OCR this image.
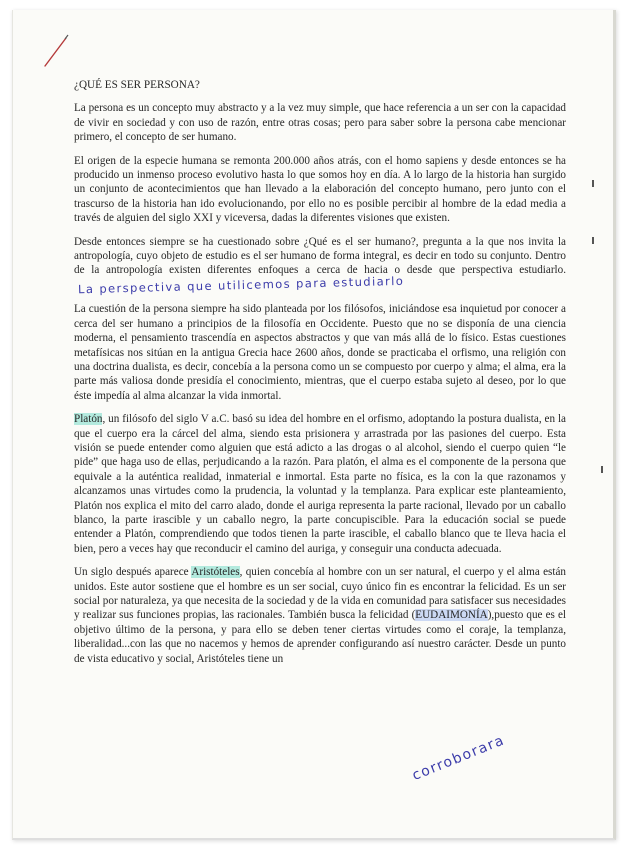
¿QUÉ ES SER PERSONA?

La persona es un concepto muy abstracto y a la vez muy simple, que hace referencia a un ser con la capacidad de vivir en sociedad y con uso de razón, entre otras cosas; pero para saber sobre la persona cabe mencionar primero, el concepto de ser humano.

El origen de la especie humana se remonta 200.000 años atrás, con el homo sapiens y desde entonces se ha producido un inmenso proceso evolutivo hasta lo que somos hoy en día. A lo largo de la historia han surgido un conjunto de acontecimientos que han llevado a la elaboración del concepto humano, pero junto con el trascurso de la historia han ido evolucionando, por ello no es posible percibir al hombre de la edad media a través de alguien del siglo XXI y viceversa, dadas la diferentes visiones que existen.

Desde entonces siempre se ha cuestionado sobre ¿Qué es el ser humano?, pregunta a la que nos invita la antropología, cuyo objeto de estudio es el ser humano de forma integral, es decir en todo su conjunto. Dentro de la antropología existen diferentes enfoques a cerca de hacia o desde que perspectiva estudiarlo.La perspectiva que utilicemos para estudiarlo

La cuestión de la persona siempre ha sido planteada por los filósofos, iniciándose esa inquietud por conocer a cerca del ser humano a principios de la filosofía en Occidente. Puesto que no se disponía de una ciencia moderna, el pensamiento trascendía en aspectos abstractos y que van más allá de lo físico. Estas cuestiones metafísicas nos sitúan en la antigua Grecia hace 2600 años, donde se practicaba el orfismo, una religión con una doctrina dualista, es decir, concebía a la persona como un se compuesto por cuerpo y alma; el alma, era la parte más valiosa donde presidía el conocimiento, mientras, que el cuerpo estaba sujeto al deseo, por lo que éste impedía al alma alcanzar la vida inmortal.

Platón, un filósofo del siglo V a.C. basó su idea del hombre en el orfismo, adoptando la postura dualista, en la que el cuerpo era la cárcel del alma, siendo esta prisionera y arrastrada por las pasiones del cuerpo. Esta visión se puede entender como alguien que está adicto a las drogas o al alcohol, siendo el cuerpo quien “le pide” que haga uso de ellas, perjudicando a la razón. Para platón, el alma es el componente de la persona que equivale a la auténtica realidad, inmaterial e inmortal. Esta parte no física, es la con la que razonamos y alcanzamos unas virtudes como la prudencia, la voluntad y la templanza. Para explicar este planteamiento, Platón nos explica el mito del carro alado, donde el auriga representa la parte racional, llevado por un caballo blanco, la parte irascible y un caballo negro, la parte concupiscible. Para la educación social se puede entender a Platón, comprendiendo que todos tienen la parte irascible, el caballo blanco que te lleva hacia el bien, pero a veces hay que reconducir el camino del auriga, y conseguir una conducta adecuada.

Un siglo después aparece Aristóteles, quien concebía al hombre con un ser natural, el cuerpo y el alma están unidos. Este autor sostiene que el hombre es un ser social, cuyo único fin es encontrar la felicidad. Es un ser social por naturaleza, ya que necesita de la sociedad y de la vida en comunidad para satisfacer sus necesidades y realizar sus funciones propias, las racionales. También busca la felicidad (EUDAIMONÍA),puesto que es el objetivo último de la persona, y para ello se deben tener ciertas virtudes como el coraje, la templanza, liberalidad...con las que no nacemos y hemos de aprender configurando así nuestro carácter. Desde un punto de vista educativo y social, Aristóteles tiene un

corroborara
